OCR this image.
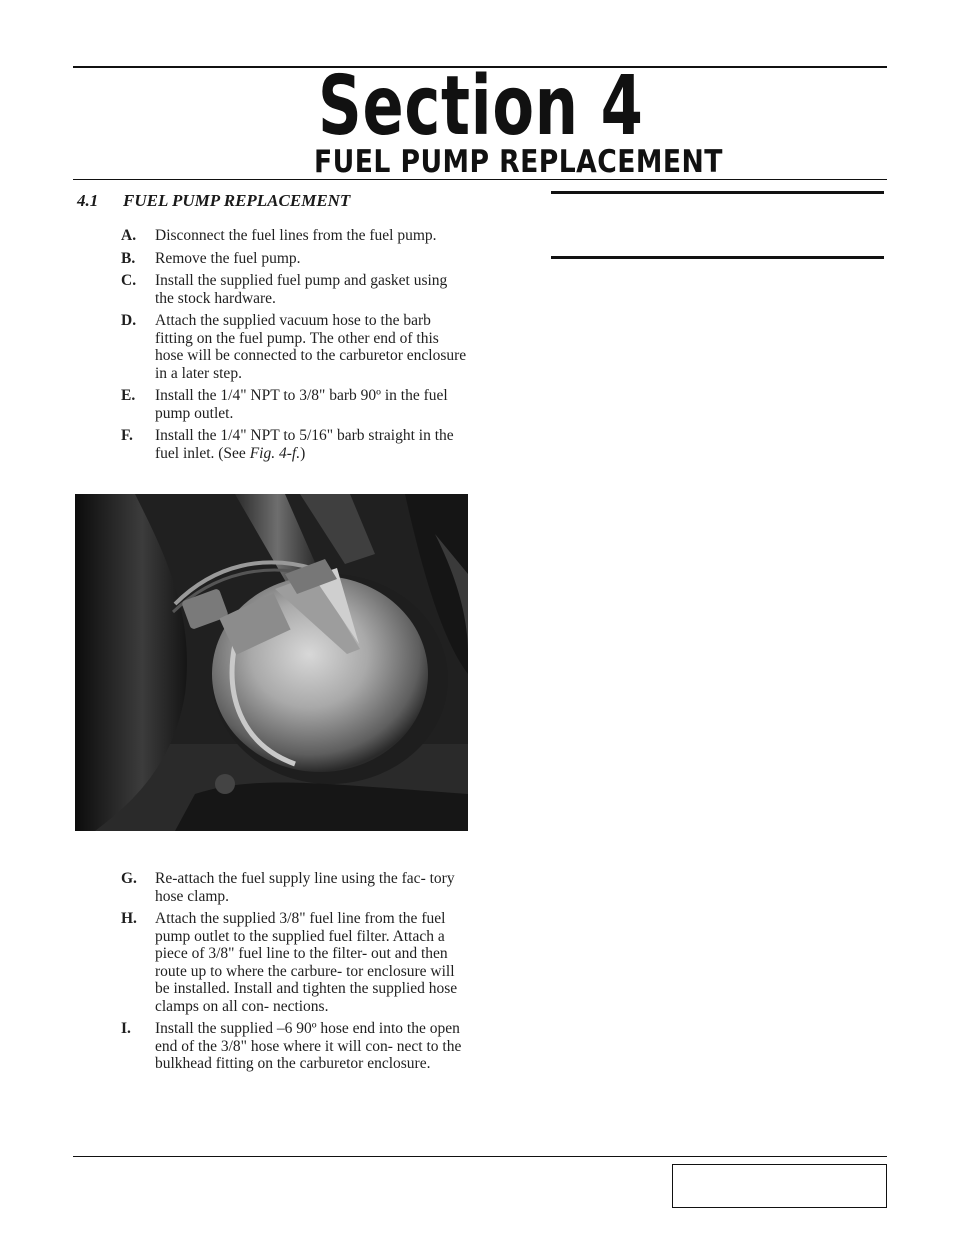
Section 4
FUEL PUMP REPLACEMENT
4.1 FUEL PUMP REPLACEMENT
A. Disconnect the fuel lines from the fuel pump.
B. Remove the fuel pump.
C. Install the supplied fuel pump and gasket using the stock hardware.
D. Attach the supplied vacuum hose to the barb fitting on the fuel pump. The other end of this hose will be connected to the carburetor enclosure in a later step.
E. Install the 1/4" NPT to 3/8" barb 90º in the fuel pump outlet.
F. Install the 1/4" NPT to 5/16" barb straight in the fuel inlet. (See Fig. 4-f.)
G. Re-attach the fuel supply line using the fac- tory hose clamp.
H. Attach the supplied 3/8" fuel line from the fuel pump outlet to the supplied fuel filter. Attach a piece of 3/8" fuel line to the filter- out and then route up to where the carbure- tor enclosure will be installed. Install and tighten the supplied hose clamps on all con- nections.
I. Install the supplied –6 90º hose end into the open end of the 3/8" hose where it will con- nect to the bulkhead fitting on the carburetor enclosure.
